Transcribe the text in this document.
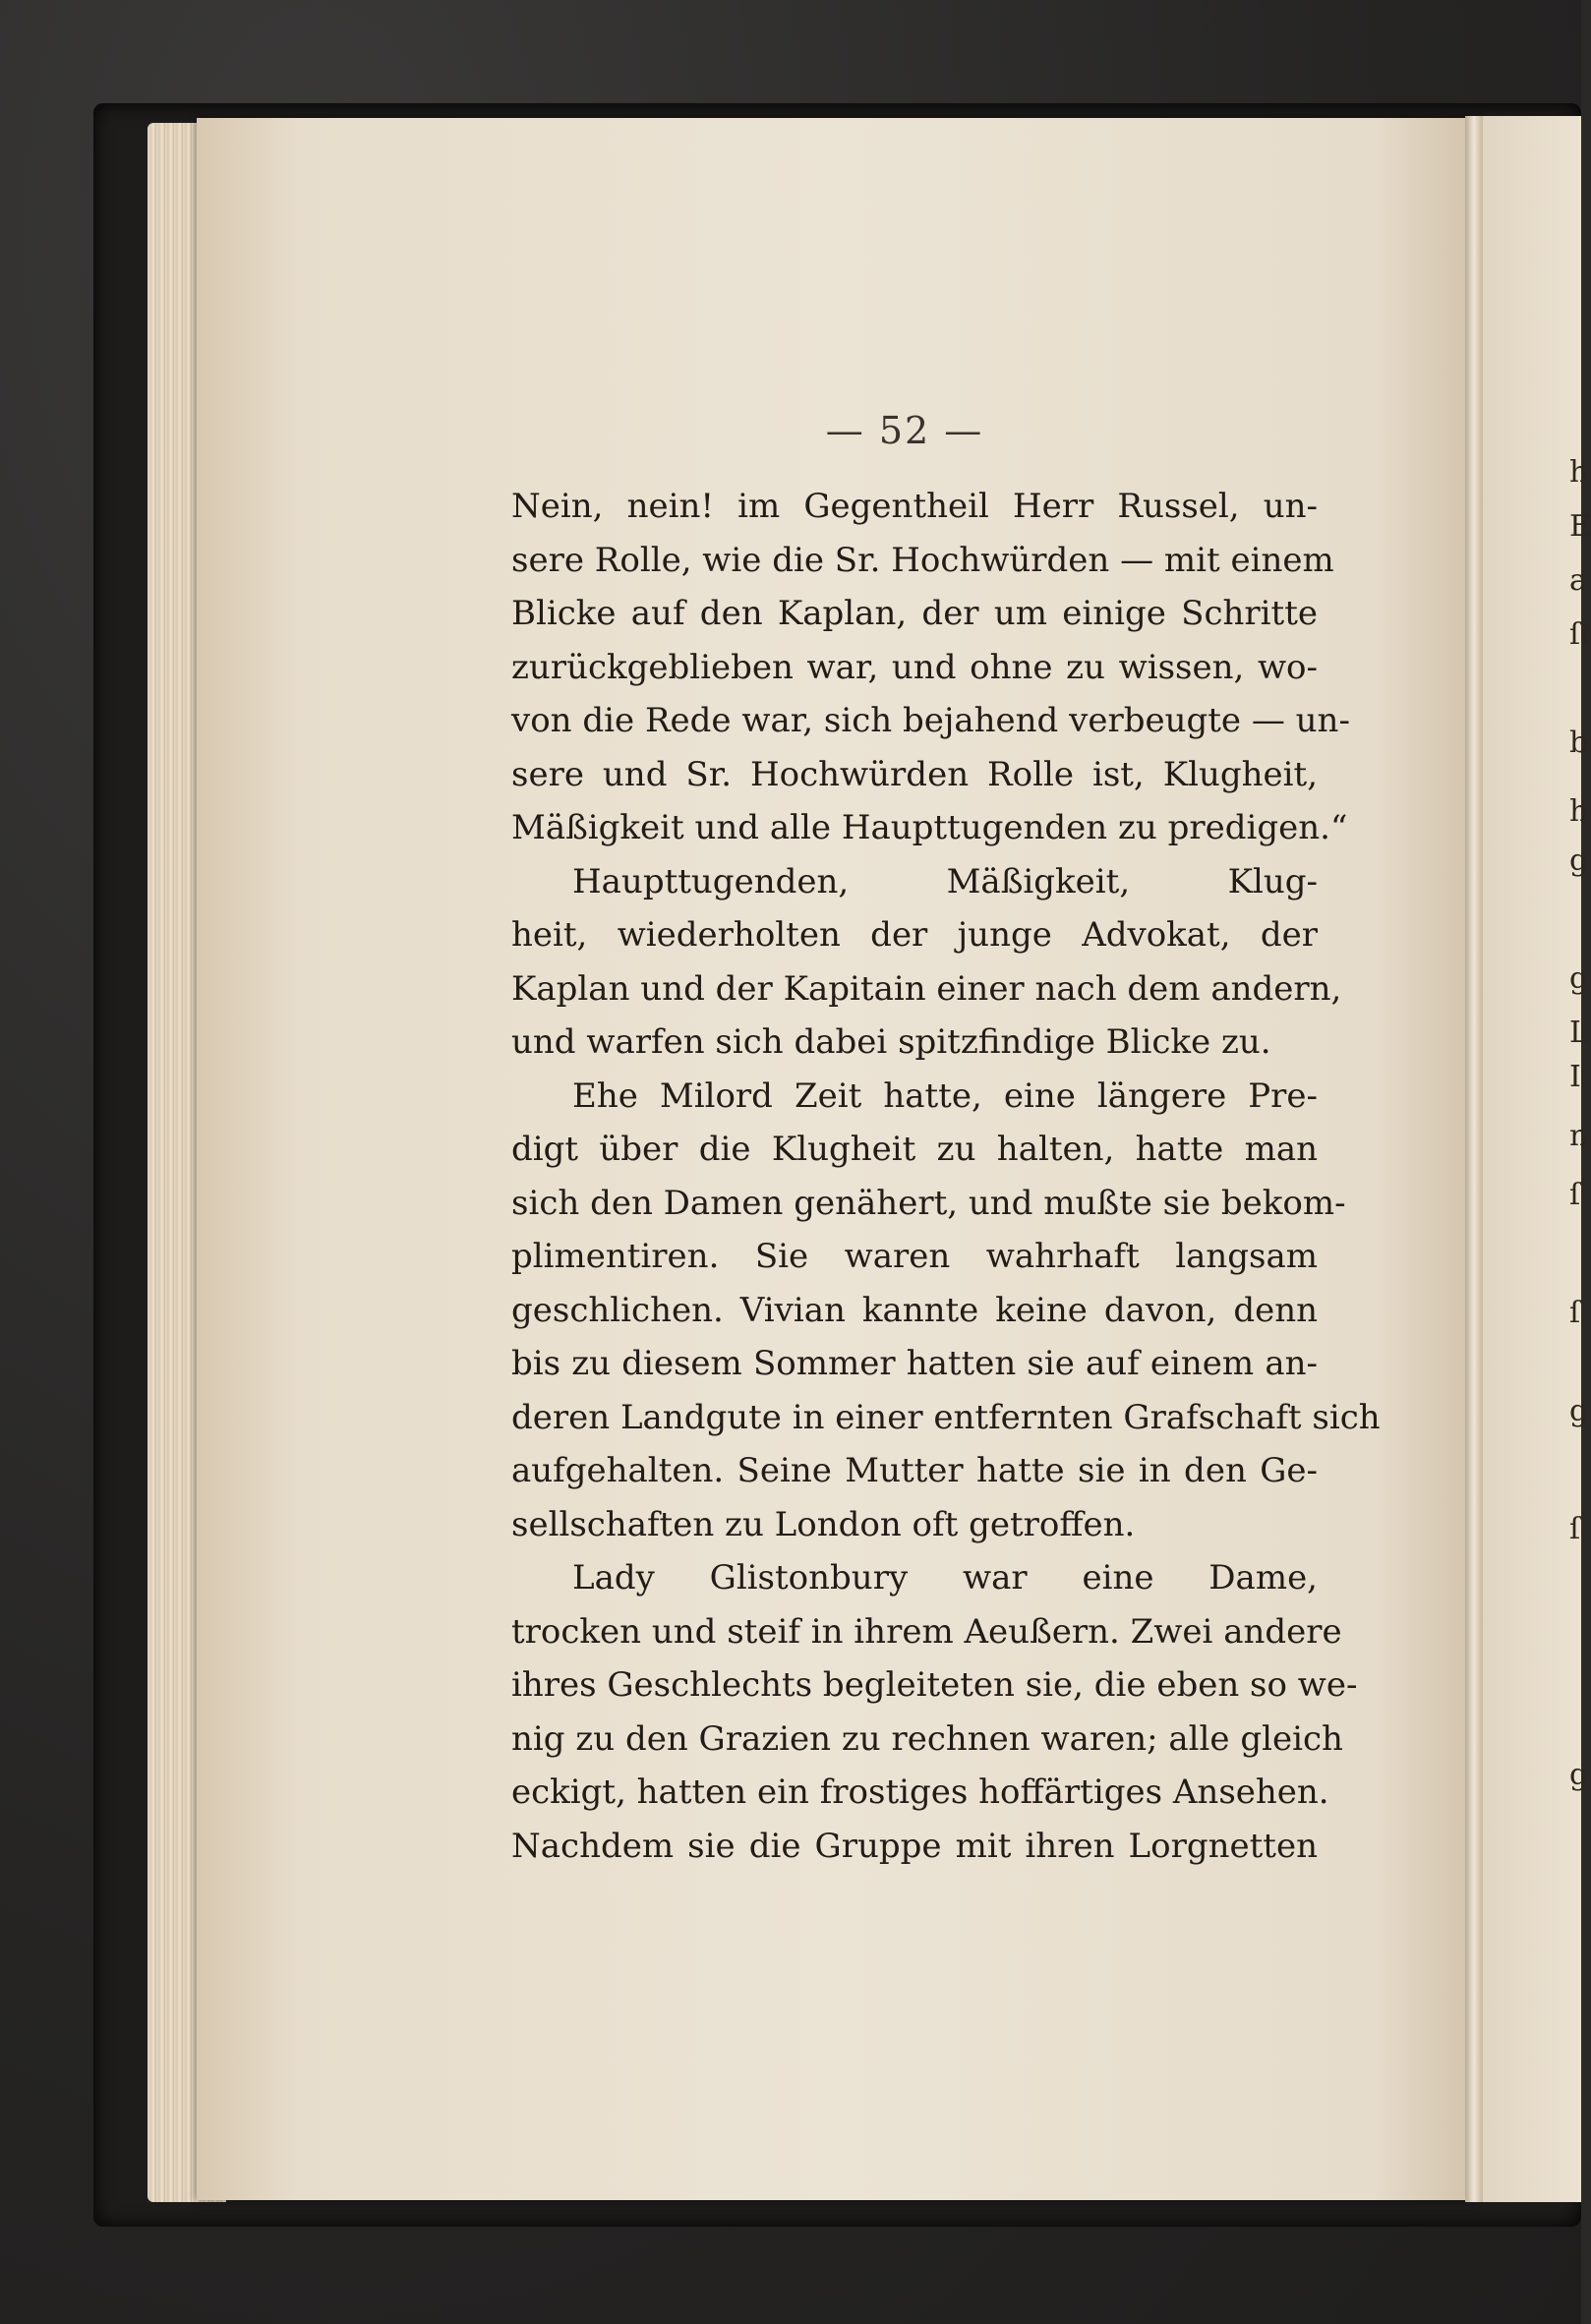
h
E
a
ſi
b
h
g
g
L
I
n
ſ
ſ
g
ſ
g
— 52 —
Nein, nein! im Gegentheil Herr Russel, un-
sere Rolle, wie die Sr. Hochwürden — mit einem
Blicke auf den Kaplan, der um einige Schritte
zurückgeblieben war, und ohne zu wissen, wo-
von die Rede war, sich bejahend verbeugte — un-
sere und Sr. Hochwürden Rolle ist, Klugheit,
Mäßigkeit und alle Haupttugenden zu predigen.“
Haupttugenden, Mäßigkeit, Klug-
heit, wiederholten der junge Advokat, der
Kaplan und der Kapitain einer nach dem andern,
und warfen sich dabei spitzfindige Blicke zu.
Ehe Milord Zeit hatte, eine längere Pre-
digt über die Klugheit zu halten, hatte man
sich den Damen genähert, und mußte sie bekom-
plimentiren. Sie waren wahrhaft langsam
geschlichen. Vivian kannte keine davon, denn
bis zu diesem Sommer hatten sie auf einem an-
deren Landgute in einer entfernten Grafschaft sich
aufgehalten. Seine Mutter hatte sie in den Ge-
sellschaften zu London oft getroffen.
Lady Glistonbury war eine Dame,
trocken und steif in ihrem Aeußern. Zwei andere
ihres Geschlechts begleiteten sie, die eben so we-
nig zu den Grazien zu rechnen waren; alle gleich
eckigt, hatten ein frostiges hoffärtiges Ansehen.
Nachdem sie die Gruppe mit ihren Lorgnetten
